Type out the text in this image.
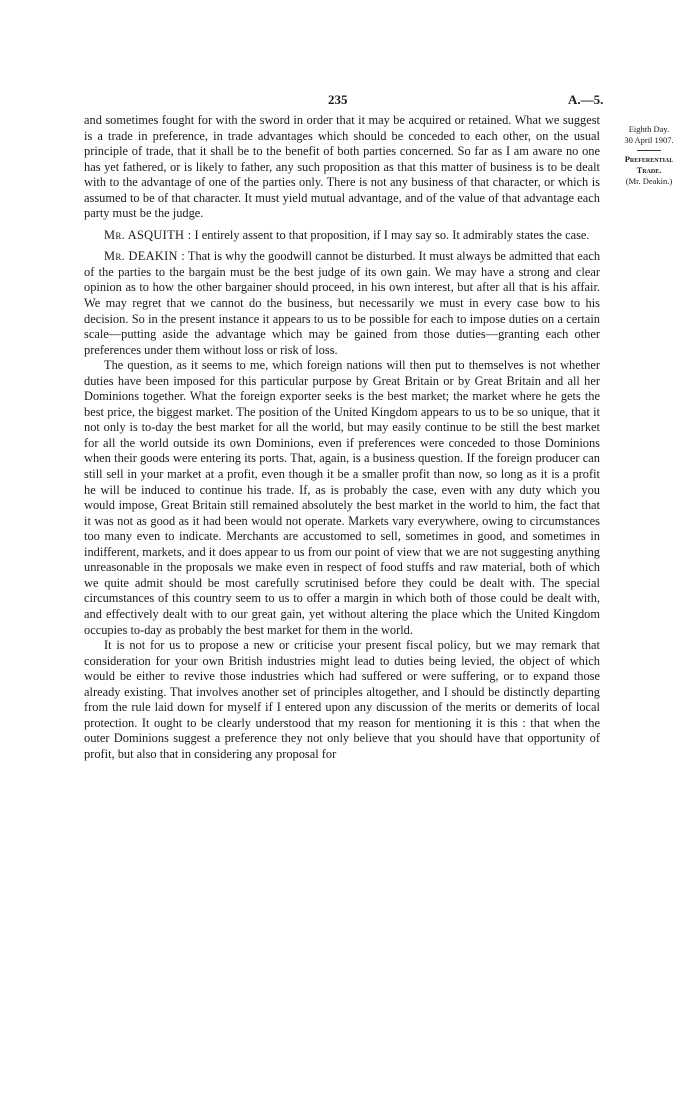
235	A.—5.
Eighth Day.
30 April 1907.
Preferential
Trade.
(Mr. Deakin.)

and sometimes fought for with the sword in order that it may be acquired or retained. What we suggest is a trade in preference, in trade advantages which should be conceded to each other, on the usual principle of trade, that it shall be to the benefit of both parties concerned. So far as I am aware no one has yet fathered, or is likely to father, any such proposition as that this matter of business is to be dealt with to the advantage of one of the parties only. There is not any business of that character, or which is assumed to be of that character. It must yield mutual advantage, and of the value of that advantage each party must be the judge.

Mr. ASQUITH : I entirely assent to that proposition, if I may say so. It admirably states the case.

Mr. DEAKIN : That is why the goodwill cannot be disturbed. It must always be admitted that each of the parties to the bargain must be the best judge of its own gain. We may have a strong and clear opinion as to how the other bargainer should proceed, in his own interest, but after all that is his affair. We may regret that we cannot do the business, but necessarily we must in every case bow to his decision. So in the present instance it appears to us to be possible for each to impose duties on a certain scale—putting aside the advantage which may be gained from those duties—granting each other preferences under them without loss or risk of loss.

The question, as it seems to me, which foreign nations will then put to themselves is not whether duties have been imposed for this particular purpose by Great Britain or by Great Britain and all her Dominions together. What the foreign exporter seeks is the best market; the market where he gets the best price, the biggest market. The position of the United Kingdom appears to us to be so unique, that it not only is to-day the best market for all the world, but may easily continue to be still the best market for all the world outside its own Dominions, even if preferences were conceded to those Dominions when their goods were entering its ports. That, again, is a business question. If the foreign producer can still sell in your market at a profit, even though it be a smaller profit than now, so long as it is a profit he will be induced to continue his trade. If, as is probably the case, even with any duty which you would impose, Great Britain still remained absolutely the best market in the world to him, the fact that it was not as good as it had been would not operate. Markets vary everywhere, owing to circumstances too many even to indicate. Merchants are accustomed to sell, sometimes in good, and sometimes in indifferent, markets, and it does appear to us from our point of view that we are not suggesting anything unreasonable in the proposals we make even in respect of food stuffs and raw material, both of which we quite admit should be most carefully scrutinised before they could be dealt with. The special circumstances of this country seem to us to offer a margin in which both of those could be dealt with, and effectively dealt with to our great gain, yet without altering the place which the United Kingdom occupies to-day as probably the best market for them in the world.

It is not for us to propose a new or criticise your present fiscal policy, but we may remark that consideration for your own British industries might lead to duties being levied, the object of which would be either to revive those industries which had suffered or were suffering, or to expand those already existing. That involves another set of principles altogether, and I should be distinctly departing from the rule laid down for myself if I entered upon any discussion of the merits or demerits of local protection. It ought to be clearly understood that my reason for mentioning it is this : that when the outer Dominions suggest a preference they not only believe that you should have that opportunity of profit, but also that in considering any proposal for
